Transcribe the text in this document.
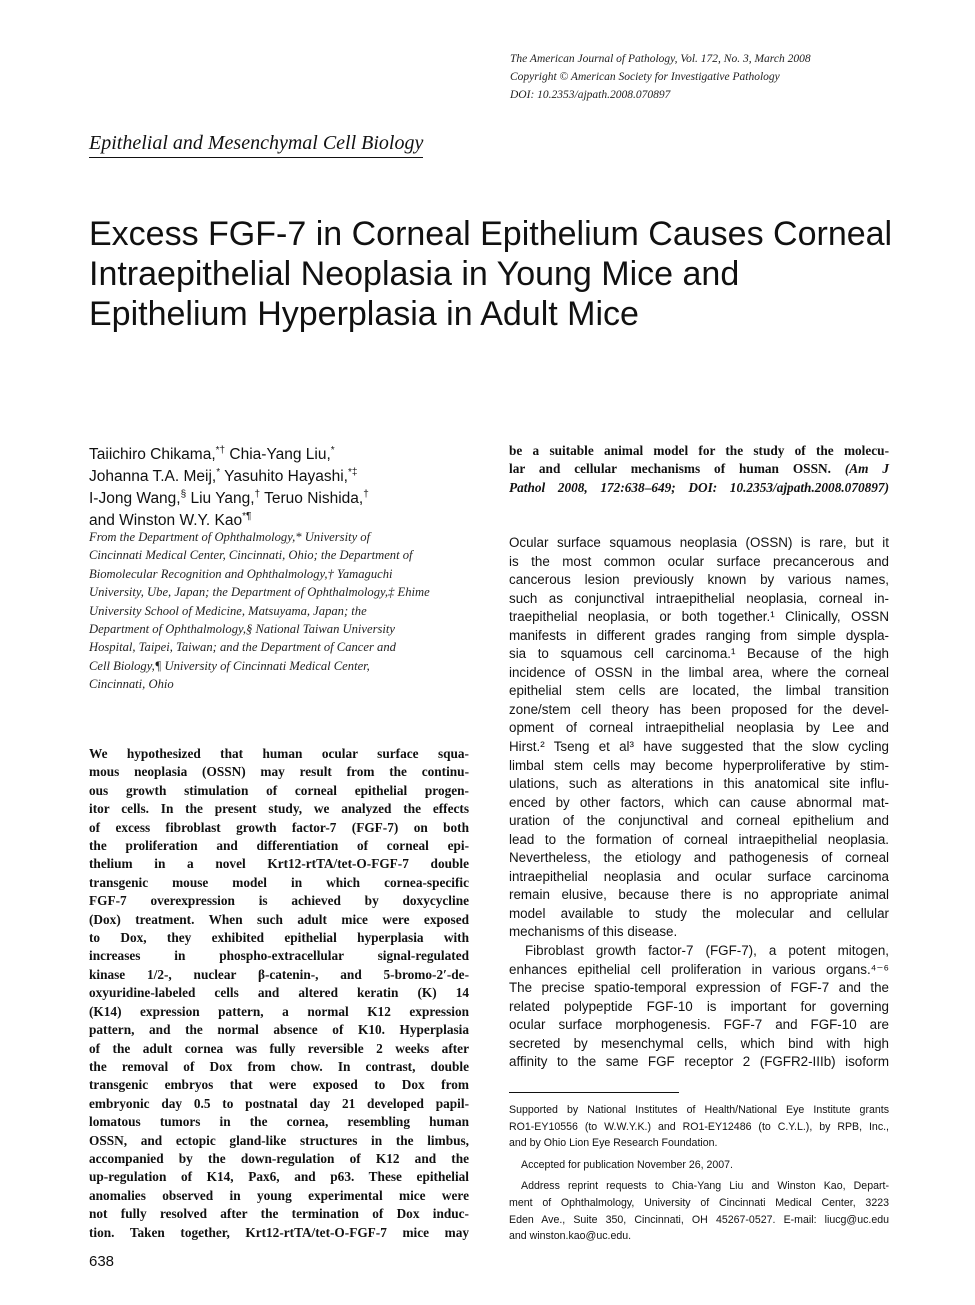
The American Journal of Pathology, Vol. 172, No. 3, March 2008
Copyright © American Society for Investigative Pathology
DOI: 10.2353/ajpath.2008.070897
Epithelial and Mesenchymal Cell Biology
Excess FGF-7 in Corneal Epithelium Causes Corneal
Intraepithelial Neoplasia in Young Mice and
Epithelium Hyperplasia in Adult Mice
Taiichiro Chikama,*† Chia-Yang Liu,*
Johanna T.A. Meij,* Yasuhito Hayashi,*‡
I-Jong Wang,§ Liu Yang,† Teruo Nishida,†
and Winston W.Y. Kao*¶
From the Department of Ophthalmology,* University of
Cincinnati Medical Center, Cincinnati, Ohio; the Department of
Biomolecular Recognition and Ophthalmology,† Yamaguchi
University, Ube, Japan; the Department of Ophthalmology,‡ Ehime
University School of Medicine, Matsuyama, Japan; the
Department of Ophthalmology,§ National Taiwan University
Hospital, Taipei, Taiwan; and the Department of Cancer and
Cell Biology,¶ University of Cincinnati Medical Center,
Cincinnati, Ohio
We hypothesized that human ocular surface squa-
mous neoplasia (OSSN) may result from the continu-
ous growth stimulation of corneal epithelial progen-
itor cells. In the present study, we analyzed the effects
of excess fibroblast growth factor-7 (FGF-7) on both
the proliferation and differentiation of corneal epi-
thelium in a novel Krt12-rtTA/tet-O-FGF-7 double
transgenic mouse model in which cornea-specific
FGF-7 overexpression is achieved by doxycycline
(Dox) treatment. When such adult mice were exposed
to Dox, they exhibited epithelial hyperplasia with
increases in phospho-extracellular signal-regulated
kinase 1/2-, nuclear β-catenin-, and 5-bromo-2′-de-
oxyuridine-labeled cells and altered keratin (K) 14
(K14) expression pattern, a normal K12 expression
pattern, and the normal absence of K10. Hyperplasia
of the adult cornea was fully reversible 2 weeks after
the removal of Dox from chow. In contrast, double
transgenic embryos that were exposed to Dox from
embryonic day 0.5 to postnatal day 21 developed papil-
lomatous tumors in the cornea, resembling human
OSSN, and ectopic gland-like structures in the limbus,
accompanied by the down-regulation of K12 and the
up-regulation of K14, Pax6, and p63. These epithelial
anomalies observed in young experimental mice were
not fully resolved after the termination of Dox induc-
tion. Taken together, Krt12-rtTA/tet-O-FGF-7 mice may
be a suitable animal model for the study of the molecu-
lar and cellular mechanisms of human OSSN. (Am J
Pathol 2008, 172:638–649; DOI: 10.2353/ajpath.2008.070897)
Ocular surface squamous neoplasia (OSSN) is rare, but it
is the most common ocular surface precancerous and
cancerous lesion previously known by various names,
such as conjunctival intraepithelial neoplasia, corneal in-
traepithelial neoplasia, or both together.¹ Clinically, OSSN
manifests in different grades ranging from simple dyspla-
sia to squamous cell carcinoma.¹ Because of the high
incidence of OSSN in the limbal area, where the corneal
epithelial stem cells are located, the limbal transition
zone/stem cell theory has been proposed for the devel-
opment of corneal intraepithelial neoplasia by Lee and
Hirst.² Tseng et al³ have suggested that the slow cycling
limbal stem cells may become hyperproliferative by stim-
ulations, such as alterations in this anatomical site influ-
enced by other factors, which can cause abnormal mat-
uration of the conjunctival and corneal epithelium and
lead to the formation of corneal intraepithelial neoplasia.
Nevertheless, the etiology and pathogenesis of corneal
intraepithelial neoplasia and ocular surface carcinoma
remain elusive, because there is no appropriate animal
model available to study the molecular and cellular
mechanisms of this disease.
Fibroblast growth factor-7 (FGF-7), a potent mitogen,
enhances epithelial cell proliferation in various organs.⁴⁻⁶
The precise spatio-temporal expression of FGF-7 and the
related polypeptide FGF-10 is important for governing
ocular surface morphogenesis. FGF-7 and FGF-10 are
secreted by mesenchymal cells, which bind with high
affinity to the same FGF receptor 2 (FGFR2-IIIb) isoform
Supported by National Institutes of Health/National Eye Institute grants
RO1-EY10556 (to W.W.Y.K.) and RO1-EY12486 (to C.Y.L.), by RPB, Inc.,
and by Ohio Lion Eye Research Foundation.
Accepted for publication November 26, 2007.
Address reprint requests to Chia-Yang Liu and Winston Kao, Depart-
ment of Ophthalmology, University of Cincinnati Medical Center, 3223
Eden Ave., Suite 350, Cincinnati, OH 45267-0527. E-mail: liucg@uc.edu
and winston.kao@uc.edu.
638
